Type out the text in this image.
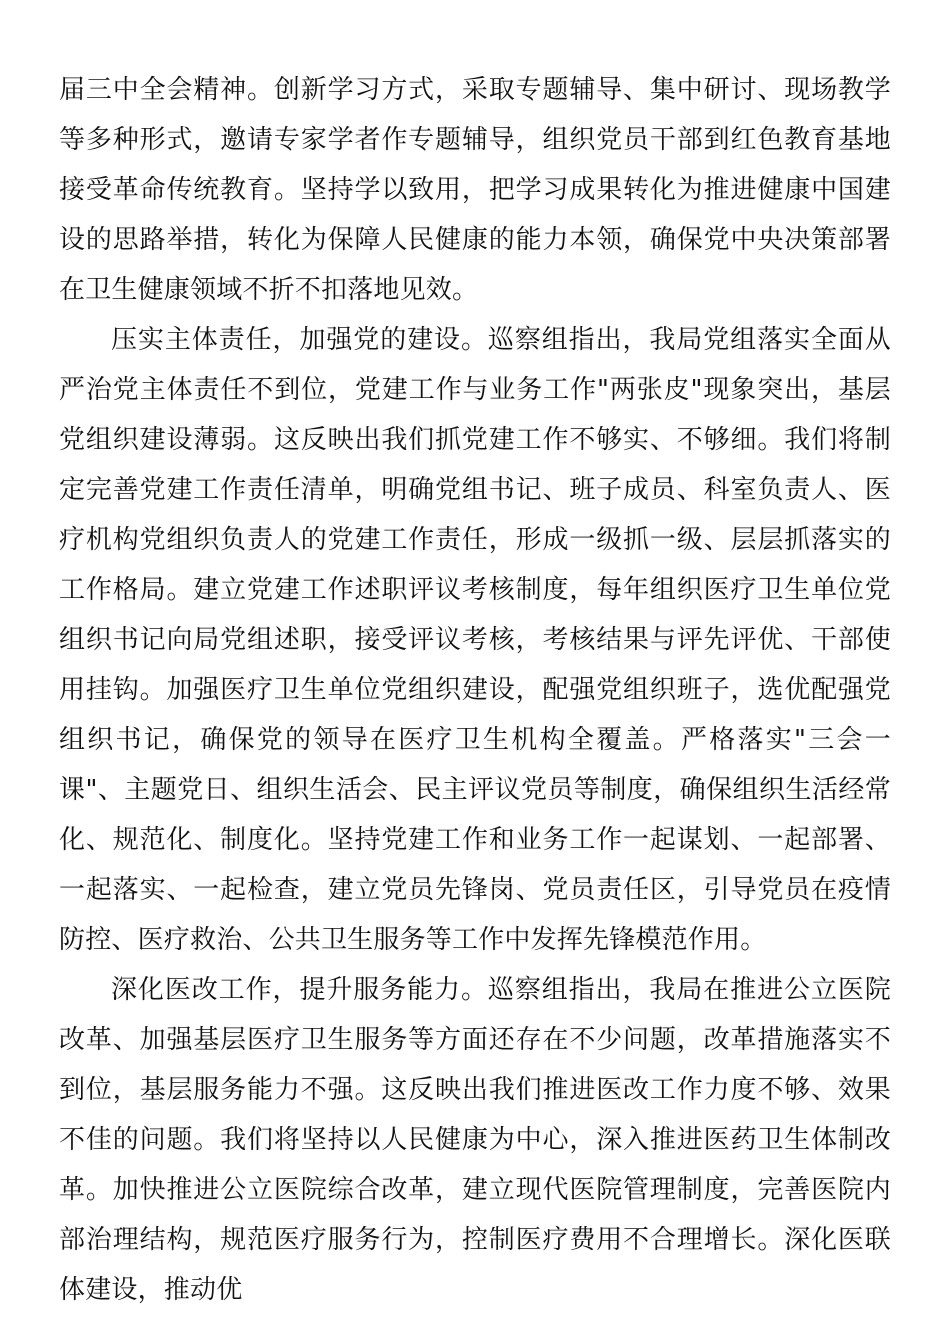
届三中全会精神。创新学习方式，采取专题辅导、集中研讨、现场教学等多种形式，邀请专家学者作专题辅导，组织党员干部到红色教育基地接受革命传统教育。坚持学以致用，把学习成果转化为推进健康中国建设的思路举措，转化为保障人民健康的能力本领，确保党中央决策部署在卫生健康领域不折不扣落地见效。

压实主体责任，加强党的建设。巡察组指出，我局党组落实全面从严治党主体责任不到位，党建工作与业务工作"两张皮"现象突出，基层党组织建设薄弱。这反映出我们抓党建工作不够实、不够细。我们将制定完善党建工作责任清单，明确党组书记、班子成员、科室负责人、医疗机构党组织负责人的党建工作责任，形成一级抓一级、层层抓落实的工作格局。建立党建工作述职评议考核制度，每年组织医疗卫生单位党组织书记向局党组述职，接受评议考核，考核结果与评先评优、干部使用挂钩。加强医疗卫生单位党组织建设，配强党组织班子，选优配强党组织书记，确保党的领导在医疗卫生机构全覆盖。严格落实"三会一课"、主题党日、组织生活会、民主评议党员等制度，确保组织生活经常化、规范化、制度化。坚持党建工作和业务工作一起谋划、一起部署、一起落实、一起检查，建立党员先锋岗、党员责任区，引导党员在疫情防控、医疗救治、公共卫生服务等工作中发挥先锋模范作用。

深化医改工作，提升服务能力。巡察组指出，我局在推进公立医院改革、加强基层医疗卫生服务等方面还存在不少问题，改革措施落实不到位，基层服务能力不强。这反映出我们推进医改工作力度不够、效果不佳的问题。我们将坚持以人民健康为中心，深入推进医药卫生体制改革。加快推进公立医院综合改革，建立现代医院管理制度，完善医院内部治理结构，规范医疗服务行为，控制医疗费用不合理增长。深化医联体建设，推动优
